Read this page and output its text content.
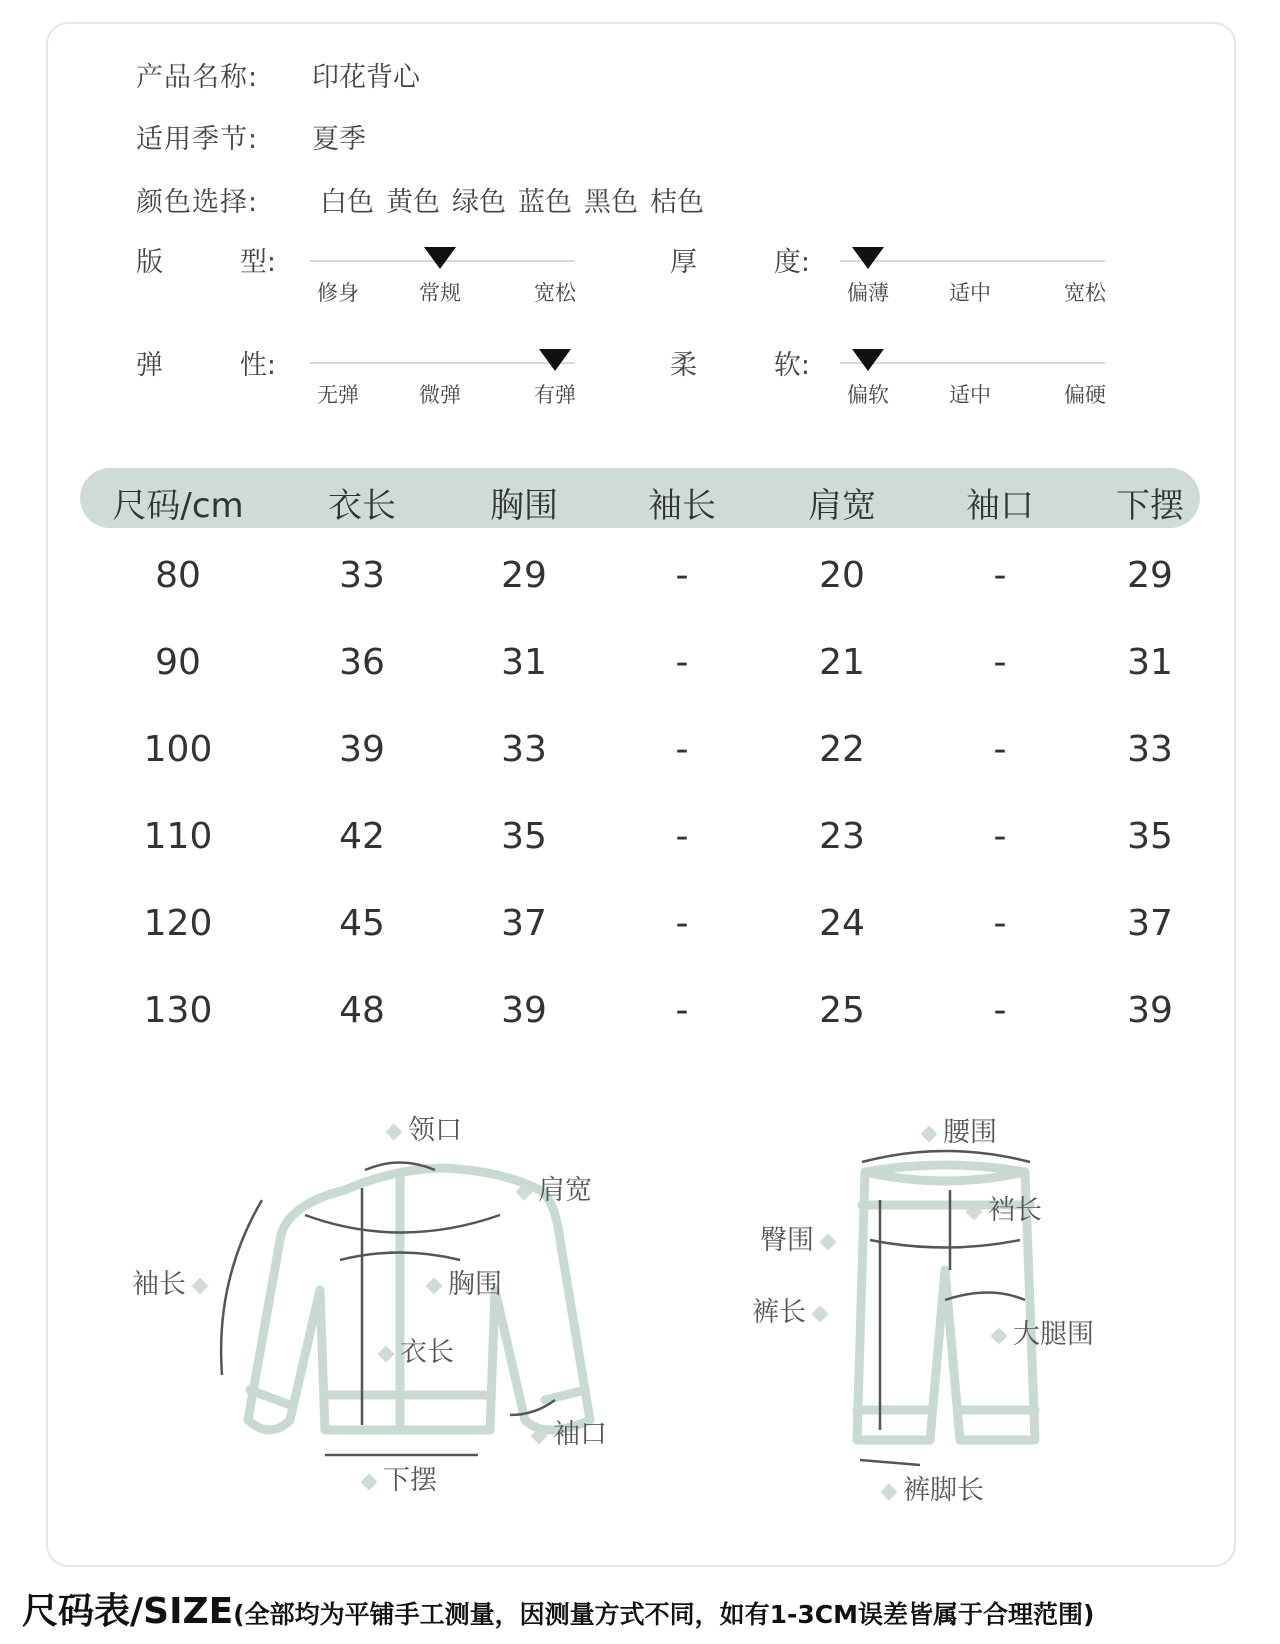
产品名称: 印花背心
适用季节: 夏季
颜色选择: 白色 黄色 绿色 蓝色 黑色 桔色
版	型:
修身	常规	宽松
厚	度:
偏薄	适中	宽松
弹	性:
无弹	微弹	有弹
柔	软:
偏软	适中	偏硬
尺码/cm 衣长	胸围	袖长	肩宽	袖口 下摆
80	33	29	-	20	-	29
90	36	31	-	21	-	31
100	39	33	-	22	-	33
110	42	35	-	23	-	35
120	45	37	-	24	-	37
130	48	39	-	25	-	39
领口
肩宽
袖长	胸围
衣长
袖口
下摆
腰围
裆长
臀围
裤长
大腿围
裤脚长
尺码表/SIZE(全部均为平铺手工测量，因测量方式不同，如有1-3CM误差皆属于合理范围)
